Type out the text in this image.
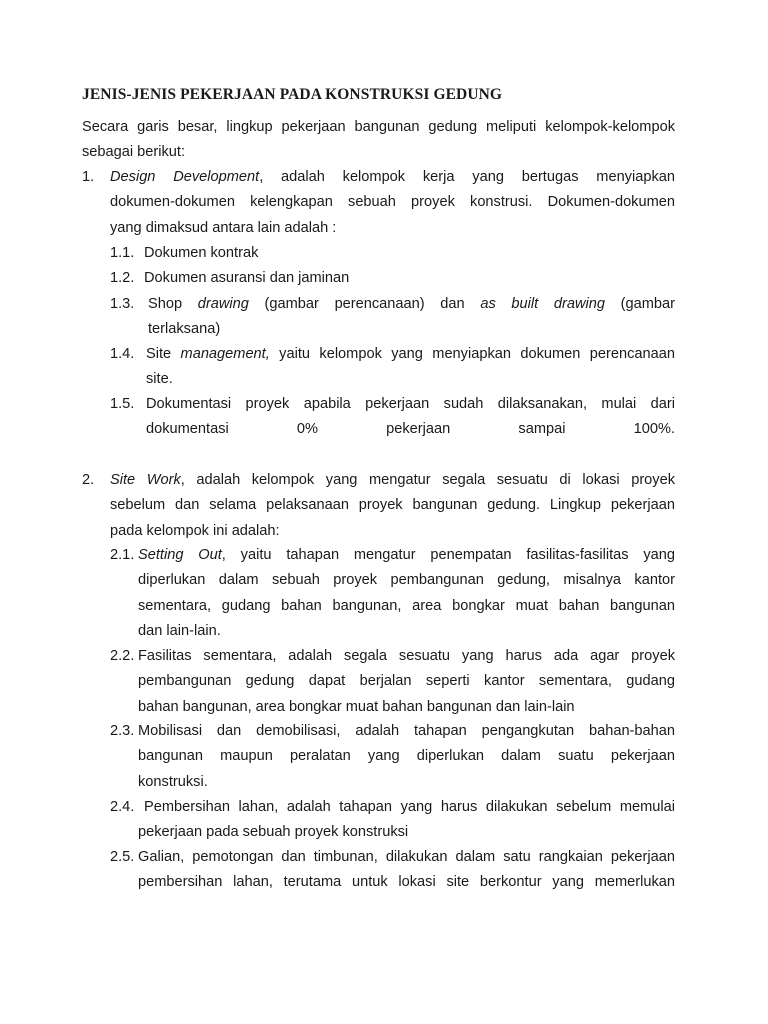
JENIS-JENIS PEKERJAAN PADA KONSTRUKSI GEDUNG
Secara garis besar, lingkup pekerjaan bangunan gedung meliputi kelompok-kelompok
sebagai berikut:
1. Design Development, adalah kelompok kerja yang bertugas menyiapkan
dokumen-dokumen kelengkapan sebuah proyek konstrusi. Dokumen-dokumen
yang dimaksud antara lain adalah :
1.1. Dokumen kontrak
1.2. Dokumen asuransi dan jaminan
1.3. Shop drawing (gambar perencanaan) dan as built drawing (gambar
terlaksana)
1.4. Site management, yaitu kelompok yang menyiapkan dokumen perencanaan
site.
1.5. Dokumentasi proyek apabila pekerjaan sudah dilaksanakan, mulai dari
dokumentasi 0% pekerjaan sampai 100%.
2. Site Work, adalah kelompok yang mengatur segala sesuatu di lokasi proyek
sebelum dan selama pelaksanaan proyek bangunan gedung. Lingkup pekerjaan
pada kelompok ini adalah:
2.1. Setting Out, yaitu tahapan mengatur penempatan fasilitas-fasilitas yang
diperlukan dalam sebuah proyek pembangunan gedung, misalnya kantor
sementara, gudang bahan bangunan, area bongkar muat bahan bangunan
dan lain-lain.
2.2. Fasilitas sementara, adalah segala sesuatu yang harus ada agar proyek
pembangunan gedung dapat berjalan seperti kantor sementara, gudang
bahan bangunan, area bongkar muat bahan bangunan dan lain-lain
2.3. Mobilisasi dan demobilisasi, adalah tahapan pengangkutan bahan-bahan
bangunan maupun peralatan yang diperlukan dalam suatu pekerjaan
konstruksi.
2.4. Pembersihan lahan, adalah tahapan yang harus dilakukan sebelum memulai
pekerjaan pada sebuah proyek konstruksi
2.5. Galian, pemotongan dan timbunan, dilakukan dalam satu rangkaian pekerjaan
pembersihan lahan, terutama untuk lokasi site berkontur yang memerlukan
